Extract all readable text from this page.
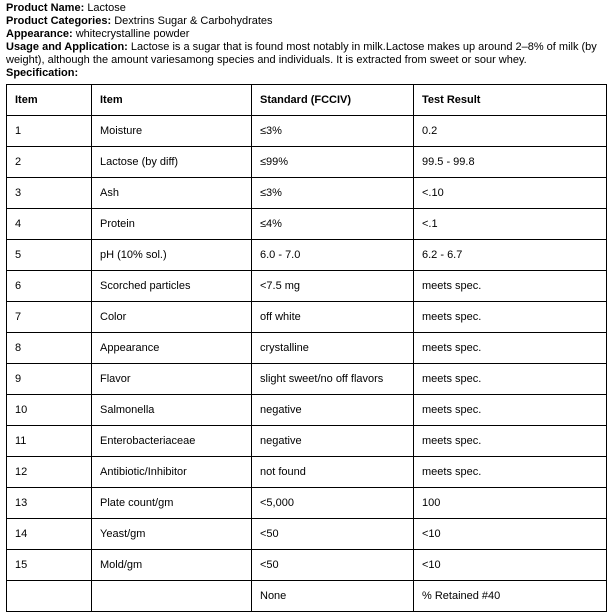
Product Name: Lactose
Product Categories: Dextrins Sugar & Carbohydrates
Appearance: whitecrystalline powder
Usage and Application: Lactose is a sugar that is found most notably in milk.Lactose makes up around 2–8% of milk (by weight), although the amount variesamong species and individuals. It is extracted from sweet or sour whey.
Specification:
Item	Item	Standard (FCCIV)	Test Result
1	Moisture	≤3%	0.2
2	Lactose (by diff)	≤99%	99.5 - 99.8
3	Ash	≤3%	<.10
4	Protein	≤4%	<.1
5	pH (10% sol.)	6.0 - 7.0	6.2 - 6.7
6	Scorched particles	<7.5 mg	meets spec.
7	Color	off white	meets spec.
8	Appearance	crystalline	meets spec.
9	Flavor	slight sweet/no off flavors	meets spec.
10	Salmonella	negative	meets spec.
11	Enterobacteriaceae	negative	meets spec.
12	Antibiotic/Inhibitor	not found	meets spec.
13	Plate count/gm	<5,000	100
14	Yeast/gm	<50	<10
15	Mold/gm	<50	<10
		None	% Retained #40
